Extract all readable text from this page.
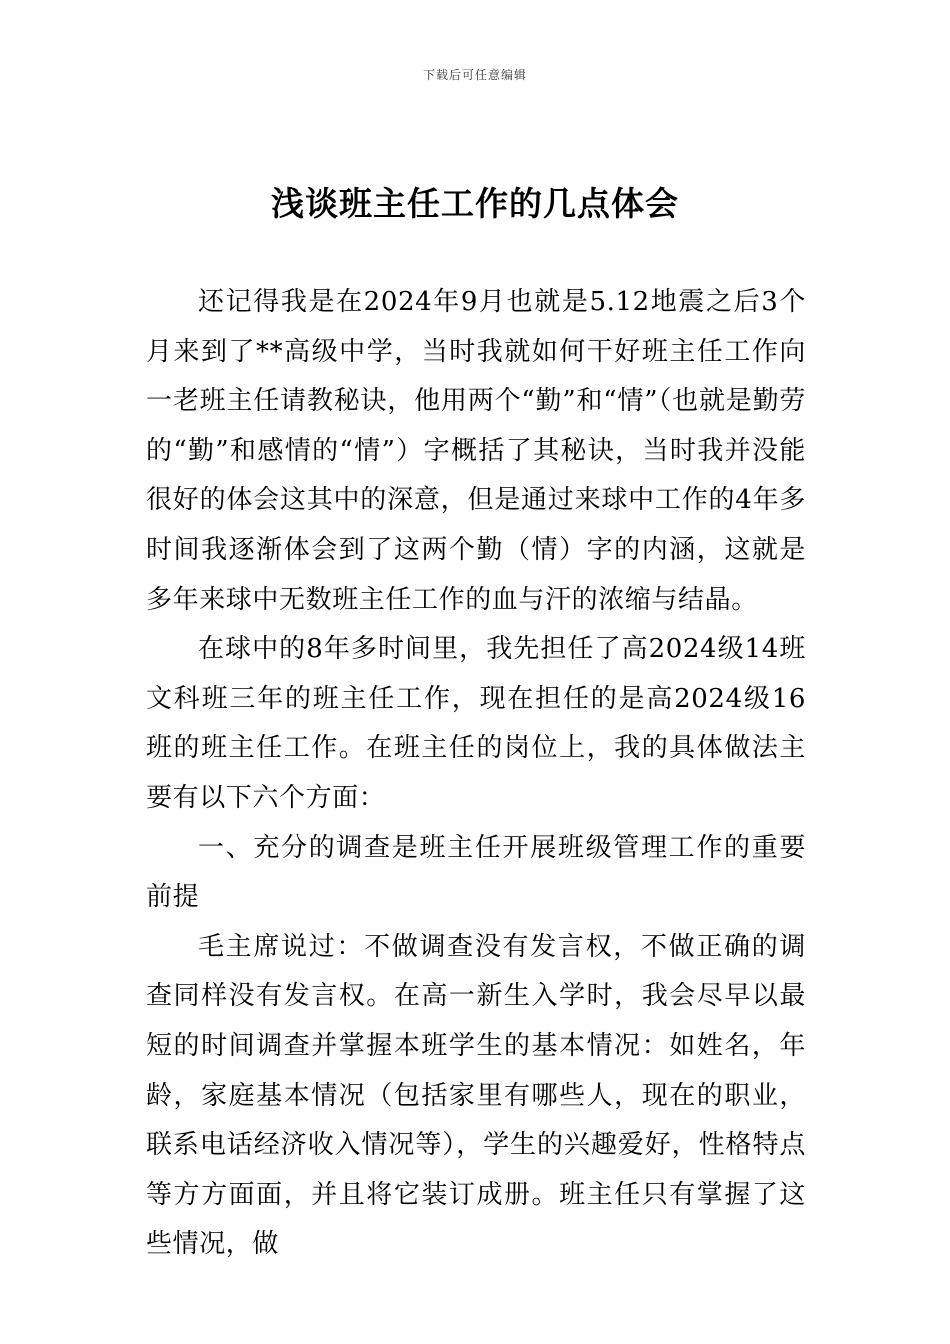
下载后可任意编辑
浅谈班主任工作的几点体会

还记得我是在2024年9月也就是5.12地震之后3个月来到了**高级中学，当时我就如何干好班主任工作向一老班主任请教秘诀，他用两个“勤”和“情”（也就是勤劳的“勤”和感情的“情”）字概括了其秘诀，当时我并没能很好的体会这其中的深意，但是通过来球中工作的4年多时间我逐渐体会到了这两个勤（情）字的内涵，这就是多年来球中无数班主任工作的血与汗的浓缩与结晶。

在球中的8年多时间里，我先担任了高2024级14班文科班三年的班主任工作，现在担任的是高2024级16班的班主任工作。在班主任的岗位上，我的具体做法主要有以下六个方面：

一、充分的调查是班主任开展班级管理工作的重要前提

毛主席说过：不做调查没有发言权，不做正确的调查同样没有发言权。在高一新生入学时，我会尽早以最短的时间调查并掌握本班学生的基本情况：如姓名，年龄，家庭基本情况（包括家里有哪些人，现在的职业，联系电话经济收入情况等），学生的兴趣爱好，性格特点等方方面面，并且将它装订成册。班主任只有掌握了这些情况，做
